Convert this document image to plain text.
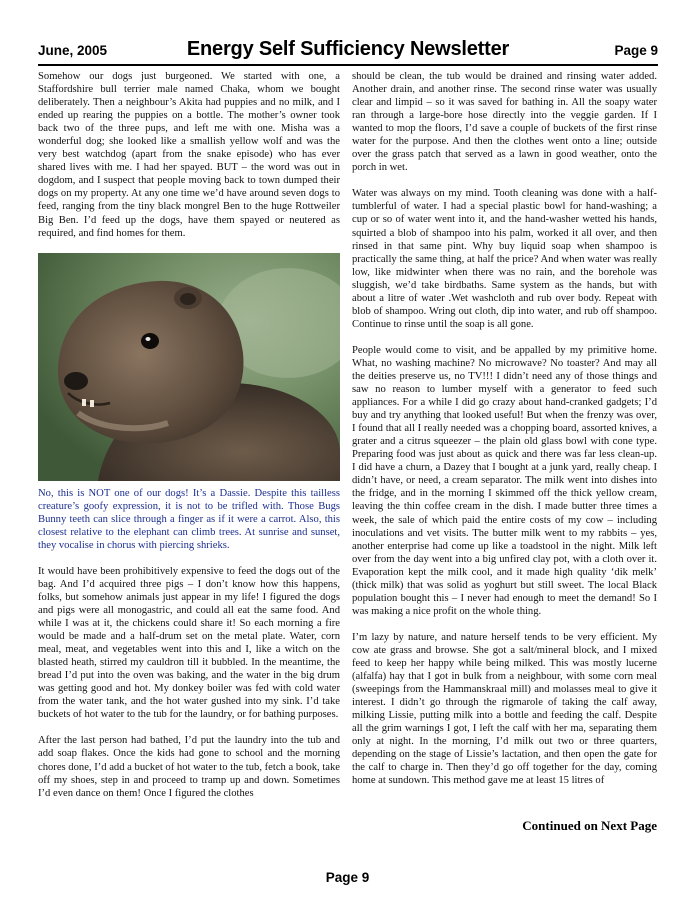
June, 2005	Energy Self Sufficiency Newsletter	Page 9

Somehow our dogs just burgeoned. We started with one, a Staffordshire bull terrier male named Chaka, whom we bought deliberately. Then a neighbour’s Akita had puppies and no milk, and I ended up rearing the puppies on a bottle. The mother’s owner took back two of the three pups, and left me with one. Misha was a wonderful dog; she looked like a smallish yellow wolf and was the very best watchdog (apart from the snake episode) who has ever shared lives with me. I had her spayed. BUT – the word was out in dogdom, and I suspect that people moving back to town dumped their dogs on my property. At any one time we’d have around seven dogs to feed, ranging from the tiny black mongrel Ben to the huge Rottweiler Big Ben. I’d feed up the dogs, have them spayed or neutered as required, and find homes for them.

No, this is NOT one of our dogs! It’s a Dassie. Despite this tailless creature’s goofy expression, it is not to be trifled with. Those Bugs Bunny teeth can slice through a finger as if it were a carrot. Also, this closest relative to the elephant can climb trees. At sunrise and sunset, they vocalise in chorus with piercing shrieks.

It would have been prohibitively expensive to feed the dogs out of the bag. And I’d acquired three pigs – I don’t know how this happens, folks, but somehow animals just appear in my life! I figured the dogs and pigs were all monogastric, and could all eat the same food. And while I was at it, the chickens could share it! So each morning a fire would be made and a half-drum set on the metal plate. Water, corn meal, meat, and vegetables went into this and I, like a witch on the blasted heath, stirred my cauldron till it bubbled. In the meantime, the bread I’d put into the oven was baking, and the water in the big drum was getting good and hot. My donkey boiler was fed with cold water from the water tank, and the hot water gushed into my sink. I’d take buckets of hot water to the tub for the laundry, or for bathing purposes.

After the last person had bathed, I’d put the laundry into the tub and add soap flakes. Once the kids had gone to school and the morning chores done, I’d add a bucket of hot water to the tub, fetch a book, take off my shoes, step in and proceed to tramp up and down. Sometimes I’d even dance on them! Once I figured the clothes

should be clean, the tub would be drained and rinsing water added. Another drain, and another rinse. The second rinse water was usually clear and limpid – so it was saved for bathing in. All the soapy water ran through a large-bore hose directly into the veggie garden. If I wanted to mop the floors, I’d save a couple of buckets of the first rinse water for the purpose. And then the clothes went onto a line; outside over the grass patch that served as a lawn in good weather, onto the porch in wet.

Water was always on my mind. Tooth cleaning was done with a half-tumblerful of water. I had a special plastic bowl for hand-washing; a cup or so of water went into it, and the hand-washer wetted his hands, squirted a blob of shampoo into his palm, worked it all over, and then rinsed in that same pint. Why buy liquid soap when shampoo is practically the same thing, at half the price? And when water was really low, like midwinter when there was no rain, and the borehole was sluggish, we’d take birdbaths. Same system as the hands, but with about a litre of water .Wet washcloth and rub over body. Repeat with blob of shampoo. Wring out cloth, dip into water, and rub off shampoo. Continue to rinse until the soap is all gone.

People would come to visit, and be appalled by my primitive home. What, no washing machine? No microwave? No toaster? And may all the deities preserve us, no TV!!! I didn’t need any of those things and saw no reason to lumber myself with a generator to feed such appliances. For a while I did go crazy about hand-cranked gadgets; I’d buy and try anything that looked useful! But when the frenzy was over, I found that all I really needed was a chopping board, assorted knives, a grater and a citrus squeezer – the plain old glass bowl with cone type. Preparing food was just about as quick and there was far less clean-up. I did have a churn, a Dazey that I bought at a junk yard, really cheap. I didn’t have, or need, a cream separator. The milk went into dishes into the fridge, and in the morning I skimmed off the thick yellow cream, leaving the thin coffee cream in the dish. I made butter three times a week, the sale of which paid the entire costs of my cow – including inoculations and vet visits. The butter milk went to my rabbits – yes, another enterprise had come up like a toadstool in the night. Milk left over from the day went into a big unfired clay pot, with a cloth over it. Evaporation kept the milk cool, and it made high quality ‘dik melk’ (thick milk) that was solid as yoghurt but still sweet. The local Black population bought this – I never had enough to meet the demand! So I was making a nice profit on the whole thing.

I’m lazy by nature, and nature herself tends to be very efficient. My cow ate grass and browse. She got a salt/mineral block, and I mixed feed to keep her happy while being milked. This was mostly lucerne (alfalfa) hay that I got in bulk from a neighbour, with some corn meal (sweepings from the Hammanskraal mill) and molasses meal to give it interest. I didn’t go through the rigmarole of taking the calf away, milking Lissie, putting milk into a bottle and feeding the calf. Despite all the grim warnings I got, I left the calf with her ma, separating them only at night. In the morning, I’d milk out two or three quarters, depending on the stage of Lissie’s lactation, and then open the gate for the calf to charge in. Then they’d go off together for the day, coming home at sundown. This method gave me at least 15 litres of

Continued on Next Page
Page 9
